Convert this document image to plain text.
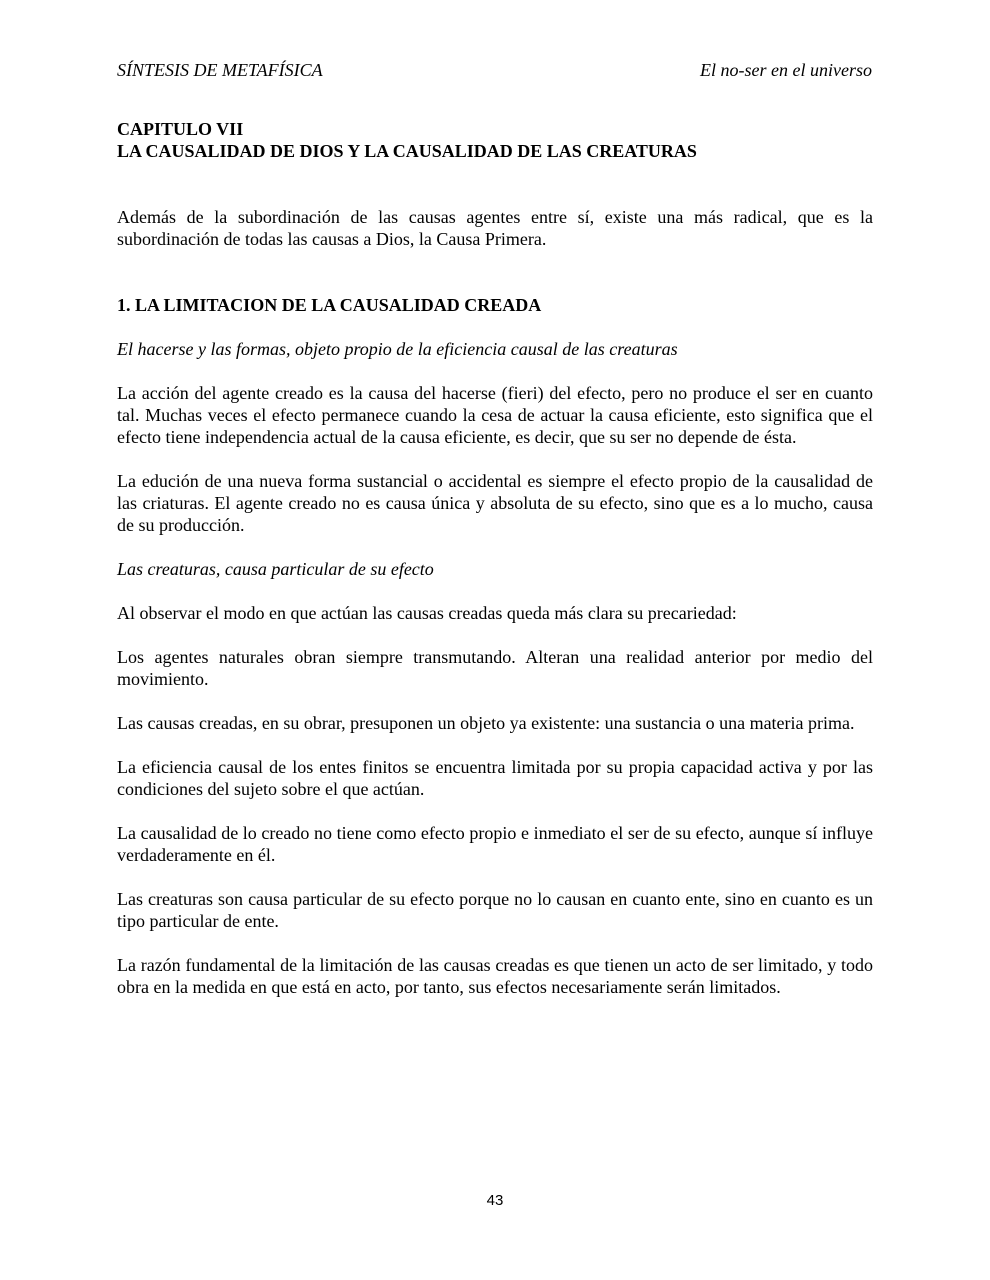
SÍNTESIS DE METAFÍSICA	El no-ser en el universo
CAPITULO VII
LA CAUSALIDAD DE DIOS Y LA CAUSALIDAD DE LAS CREATURAS

Además de la subordinación de las causas agentes entre sí, existe una más radical, que es la subordinación de todas las causas a Dios, la Causa Primera.

1. LA LIMITACION DE LA CAUSALIDAD CREADA

El hacerse y las formas, objeto propio de la eficiencia causal de las creaturas

La acción del agente creado es la causa del hacerse (fieri) del efecto, pero no produce el ser en cuanto tal. Muchas veces el efecto permanece cuando la cesa de actuar la causa eficiente, esto significa que el efecto tiene independencia actual de la causa eficiente, es decir, que su ser no depende de ésta.

La edución de una nueva forma sustancial o accidental es siempre el efecto propio de la causalidad de las criaturas. El agente creado no es causa única y absoluta de su efecto, sino que es a lo mucho, causa de su producción.

Las creaturas, causa particular de su efecto

Al observar el modo en que actúan las causas creadas queda más clara su precariedad:

Los agentes naturales obran siempre transmutando. Alteran una realidad anterior por medio del movimiento.

Las causas creadas, en su obrar, presuponen un objeto ya existente: una sustancia o una materia prima.

La eficiencia causal de los entes finitos se encuentra limitada por su propia capacidad activa y por las condiciones del sujeto sobre el que actúan.

La causalidad de lo creado no tiene como efecto propio e inmediato el ser de su efecto, aunque sí influye verdaderamente en él.

Las creaturas son causa particular de su efecto porque no lo causan en cuanto ente, sino en cuanto es un tipo particular de ente.

La razón fundamental de la limitación de las causas creadas es que tienen un acto de ser limitado, y todo obra en la medida en que está en acto, por tanto, sus efectos necesariamente serán limitados.

43
